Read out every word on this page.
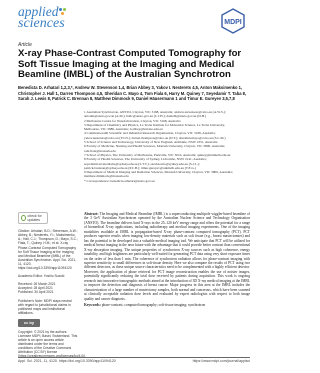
applied
sciences	MDPI
Article
X-ray Phase-Contrast Computed Tomography for Soft Tissue Imaging at the Imaging and Medical Beamline (IMBL) of the Australian Synchrotron
Benedicta D. Arhatari 1,2,3,*, Andrew W. Stevenson 1,4, Brian Abbey 3, Yakov I. Nesterets 4,5, Anton Maksimenko 1, Christopher J. Hall 1, Darren Thompson 4,5, Sheridan C. Mayo 4, Tom Fiala 6, Harry M. Quiney 7, Seyedamir T. Taba 8, Sarah J. Lewis 8, Patrick C. Brennan 8, Matthew Dimmock 9, Daniel Häusermann 1 and Timur E. Gureyev 3,5,7,8
1 Australian Synchrotron, ANSTO, Clayton, VIC 3168, Australia; andrew.stevenson@csiro.au (A.W.S.);
antonm@ansto.gov.au (A.M.); hallc@ansto.gov.au (C.J.H.); danielh@ansto.gov.au (D.H.)
2 Melbourne Centre for Nanofabrication, Clayton, VIC 3168, Australia
3 Department of Chemistry and Physics, La Trobe Institute for Molecular Science, La Trobe University,
Melbourne, VIC 3086, Australia; b.abbey@latrobe.edu.au
4 Commonwealth Scientific and Industrial Research Organisation, Clayton, VIC 3168, Australia;
yakov.nesterets@csiro.au (Y.I.N.); darren.thompson@csiro.au (D.T.); sheridan.mayo@csiro.au (S.C.M.)
5 School of Science and Technology, University of New England, Armidale, NSW 2351, Australia
6 Faculty of Medicine, Nursing and Health Sciences, Monash University, Clayton, VIC 3800, Australia;
tom.fiala@monash.edu
7 School of Physics, The University of Melbourne, Parkville, VIC 3010, Australia; quiney@unimelb.edu.au
8 Faculty of Health Sciences, The University of Sydney, Lidcombe, NSW 2141, Australia;
seyedamir.tavakolitaba@sydney.edu.au (S.T.T.); sarah.lewis@sydney.edu.au (S.J.L.);
patrick.brennan@sydney.edu.au (P.C.B.); timur.gureyev@unimelb.edu.au (T.E.G.)
9 Department of Medical Imaging and Radiation Sciences, Monash University, Clayton, VIC 3800, Australia;
matthew.dimmock@monash.edu
* Correspondence: benedicta.arhatari@ansto.gov.au
check for updates
Citation: Arhatari, B.D.; Stevenson, A.W.; Abbey, B.; Nesterets, Y.I.; Maksimenko, A.; Hall, C.J.; Thompson, D.; Mayo, S.C.; Fiala, T.; Quiney, H.M.; et al. X-ray Phase-Contrast Computed Tomography for Soft Tissue Imaging at the Imaging and Medical Beamline (IMBL) of the Australian Synchrotron. Appl. Sci. 2021, 11, 4120. https://doi.org/10.3390/app11094120
Academic Editor: Yoshio Suzuki
Received: 26 March 2021
Accepted: 28 April 2021
Published: 30 April 2021
Publisher's Note: MDPI stays neutral with regard to jurisdictional claims in published maps and institutional affiliations.
cc by
Copyright: © 2021 by the authors. Licensee MDPI, Basel, Switzerland. This article is an open access article distributed under the terms and conditions of the Creative Commons Attribution (CC BY) license (https://creativecommons.org/licenses/by/4.0/).

Abstract: The Imaging and Medical Beamline (IMBL) is a superconducting multipole wiggler-based beamline of the 3 GeV Australian Synchrotron operated by the Australian Nuclear Science and Technology Organisation (ANSTO). The beamline delivers hard X-rays in the 25–120 keV energy range and offers the potential for a range of biomedical X-ray applications, including radiotherapy and medical imaging experiments. One of the imaging modalities available at IMBL is propagation-based X-ray phase-contrast computed tomography (PCT). PCT produces superior results when imaging low-density materials such as soft tissue (e.g., breast mastectomies) and has the potential to be developed into a valuable medical imaging tool. We anticipate that PCT will be utilized for medical breast imaging in the near future with the advantage that it could provide better contrast than conventional X-ray absorption imaging. The unique properties of synchrotron X-ray sources such as high coherence, energy tunability, and high brightness are particularly well-suited for generating PCT data using very short exposure times on the order of less than 1 min. The coherence of synchrotron radiation allows for phase-contrast imaging with superior sensitivity to small differences in soft-tissue density. Here we also compare the results of PCT using two different detectors, as these unique source characteristics need to be complemented with a highly efficient detector. Moreover, the application of phase retrieval for PCT image reconstruction enables the use of noisier images, potentially significantly reducing the total dose received by patients during acquisition. This work is ongoing research into innovative tomographic methods aimed at the introduction of 3D X-ray medical imaging at the IMBL to improve the detection and diagnosis of breast cancer. Major progress in this area at the IMBL includes the characterization of a large number of mastectomy samples, both normal and cancerous, which have been scanned at clinically acceptable radiation dose levels and evaluated by expert radiologists with respect to both image quality and cancer diagnosis.

Keywords: phase-contrast; computed tomography; soft-tissue imaging; synchrotron

Appl. Sci. 2021, 11, 4120. https://doi.org/10.3390/app11094120	https://www.mdpi.com/journal/applsci
